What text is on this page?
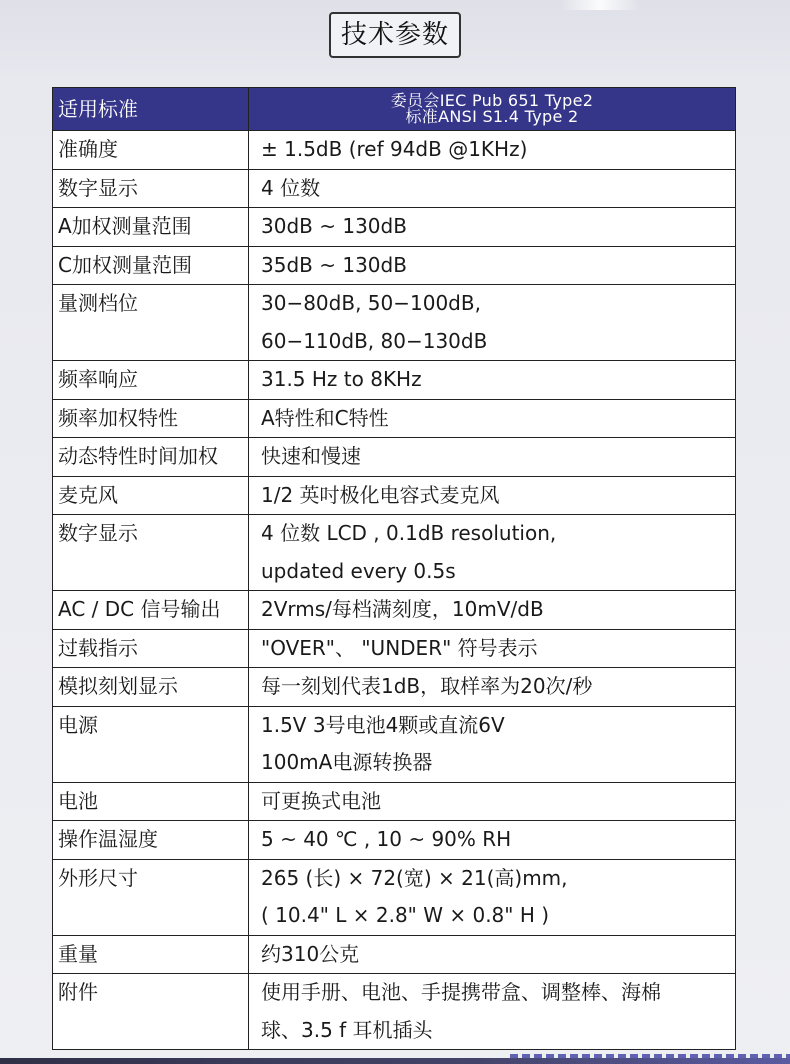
技术参数
适用标准	委员会IEC Pub 651 Type2
标准ANSI S1.4 Type 2

准确度	± 1.5dB (ref 94dB @1KHz)

数字显示	4 位数

A加权测量范围	30dB ~ 130dB

C加权测量范围	35dB ~ 130dB

量测档位	30−80dB, 50−100dB,
60−110dB, 80−130dB

频率响应	31.5 Hz to 8KHz

频率加权特性	A特性和C特性

动态特性时间加权	快速和慢速

麦克风	1/2 英吋极化电容式麦克风

数字显示	4 位数 LCD , 0.1dB resolution,
updated every 0.5s

AC / DC 信号输出	2Vrms/每档满刻度，10mV/dB

过载指示	"OVER"、 "UNDER" 符号表示

模拟刻划显示	每一刻划代表1dB，取样率为20次/秒

电源	1.5V 3号电池4颗或直流6V
100mA电源转换器

电池	可更换式电池

操作温湿度	5 ~ 40 ℃ , 10 ~ 90% RH

外形尺寸	265 (长) × 72(宽) × 21(高)mm,
( 10.4" L × 2.8" W × 0.8" H )

重量	约310公克

附件	使用手册、电池、手提携带盒、调整棒、海棉
球、3.5 f 耳机插头
